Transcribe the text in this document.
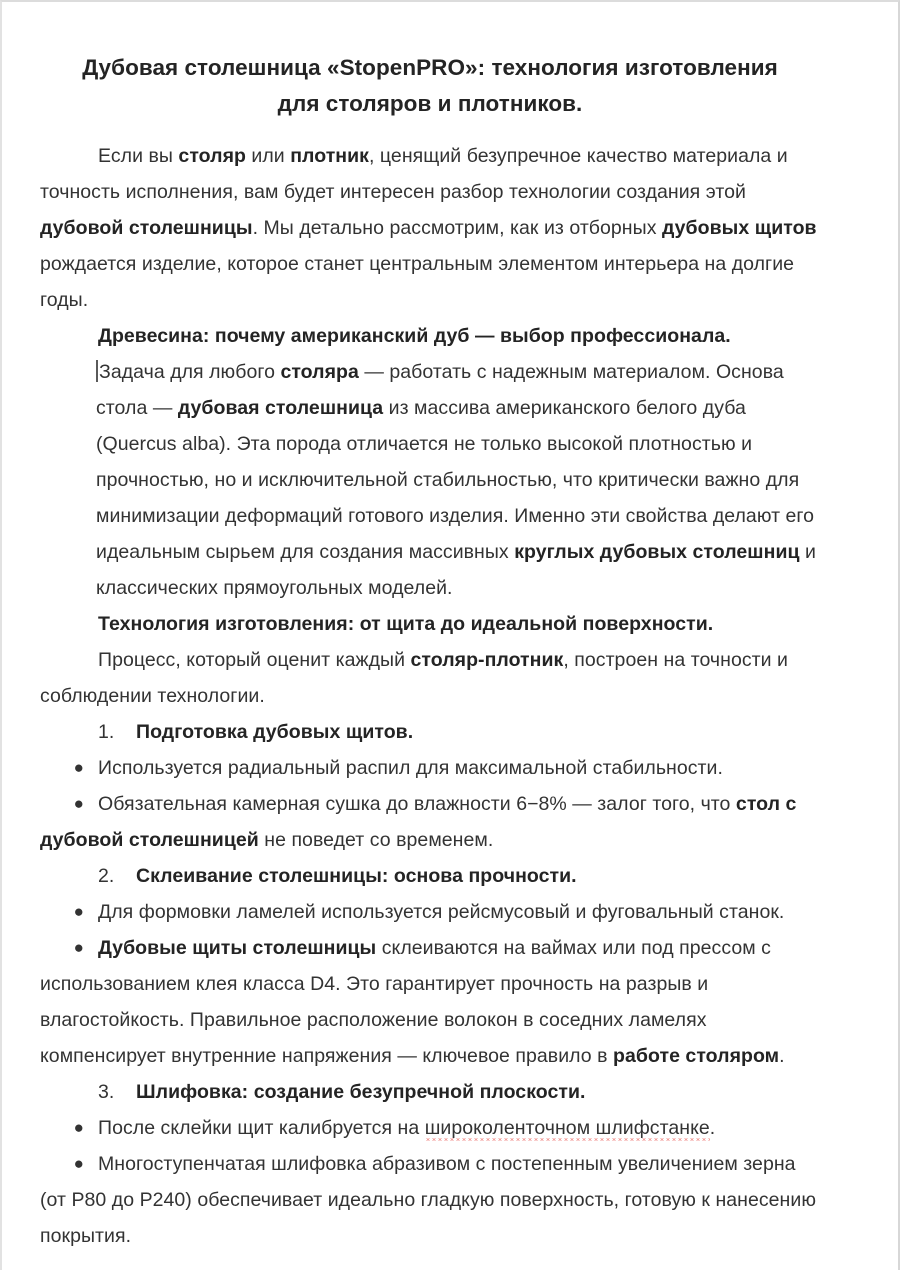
Дубовая столешница «StopenPRO»: технология изготовления для столяров и плотников.

Если вы столяр или плотник, ценящий безупречное качество материала и точность исполнения, вам будет интересен разбор технологии создания этой дубовой столешницы. Мы детально рассмотрим, как из отборных дубовых щитов рождается изделие, которое станет центральным элементом интерьера на долгие годы.

Древесина: почему американский дуб — выбор профессионала.

Задача для любого столяра — работать с надежным материалом. Основа стола — дубовая столешница из массива американского белого дуба (Quercus alba). Эта порода отличается не только высокой плотностью и прочностью, но и исключительной стабильностью, что критически важно для минимизации деформаций готового изделия. Именно эти свойства делают его идеальным сырьем для создания массивных круглых дубовых столешниц и классических прямоугольных моделей.

Технология изготовления: от щита до идеальной поверхности.

Процесс, который оценит каждый столяр-плотник, построен на точности и соблюдении технологии.

1. Подготовка дубовых щитов.

● Используется радиальный распил для максимальной стабильности.

● Обязательная камерная сушка до влажности 6−8% — залог того, что стол с дубовой столешницей не поведет со временем.

2. Склеивание столешницы: основа прочности.

● Для формовки ламелей используется рейсмусовый и фуговальный станок.

● Дубовые щиты столешницы склеиваются на ваймах или под прессом с использованием клея класса D4. Это гарантирует прочность на разрыв и влагостойкость. Правильное расположение волокон в соседних ламелях компенсирует внутренние напряжения — ключевое правило в работе столяром.

3. Шлифовка: создание безупречной плоскости.

● После склейки щит калибруется на широколенточном шлифстанке.

● Многоступенчатая шлифовка абразивом с постепенным увеличением зерна (от P80 до P240) обеспечивает идеально гладкую поверхность, готовую к нанесению покрытия.
